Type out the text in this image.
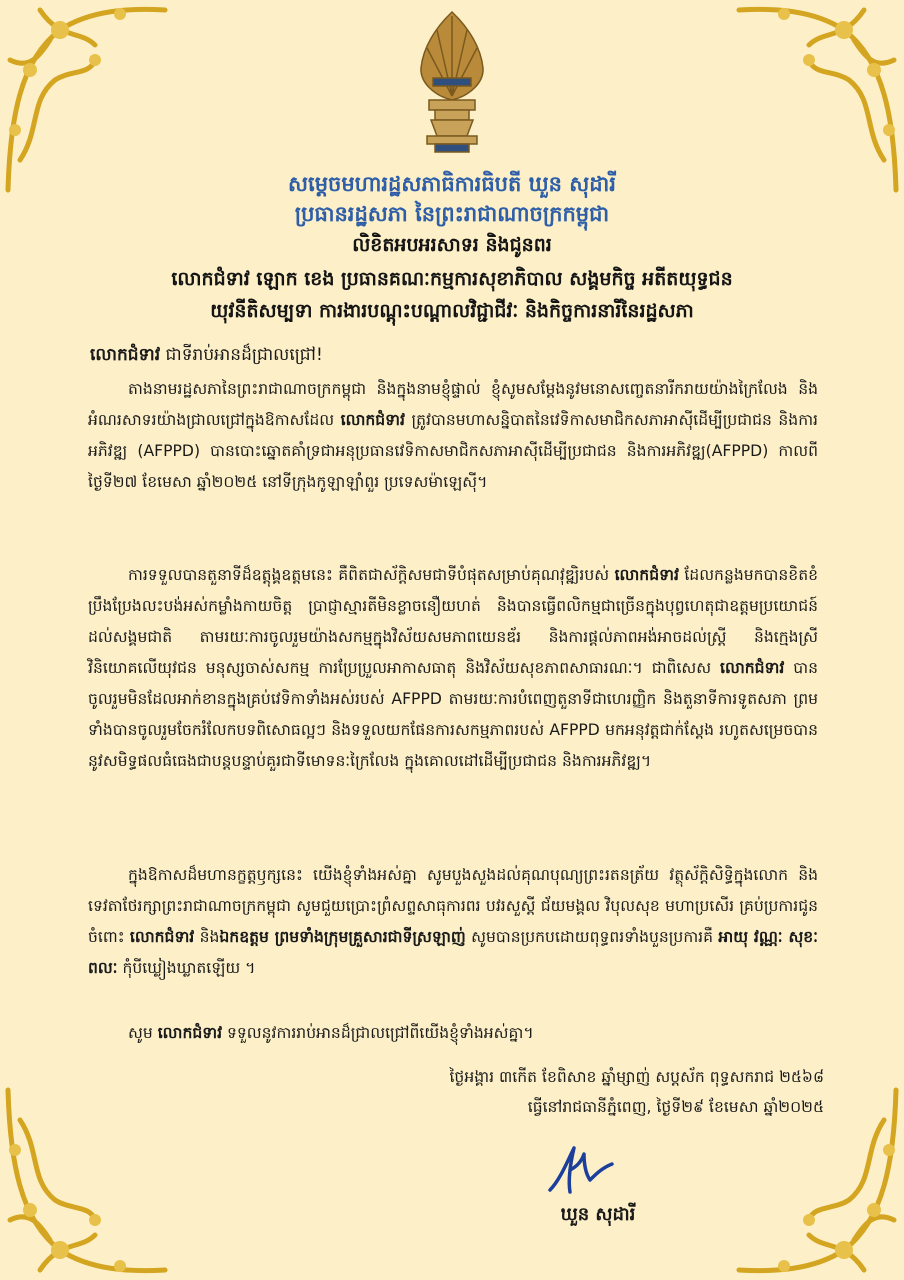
សម្តេចមហារដ្ឋសភាធិការធិបតី ឃួន សុដារី
ប្រធានរដ្ឋសភា នៃព្រះរាជាណាចក្រកម្ពុជា
លិខិតអបអរសាទរ និងជូនពរ
លោកជំទាវ ឡោក ខេង ប្រធានគណៈកម្មការសុខាភិបាល សង្គមកិច្ច អតីតយុទ្ធជន
យុវនីតិសម្បទា ការងារបណ្តុះបណ្តាលវិជ្ជាជីវៈ និងកិច្ចការនារីនៃរដ្ឋសភា
លោកជំទាវ ជាទីរាប់អានដ៏ជ្រាលជ្រៅ!
តាងនាមរដ្ឋសភានៃព្រះរាជាណាចក្រកម្ពុជា និងក្នុងនាមខ្ញុំផ្ទាល់ ខ្ញុំសូមសម្តែងនូវមនោសញ្ចេតនារីករាយយ៉ាងក្រៃលែង និងអំណរសាទរយ៉ាងជ្រាលជ្រៅក្នុងឱកាសដែល លោកជំទាវ ត្រូវបានមហាសន្និបាតនៃវេទិកាសមាជិកសភាអាស៊ីដើម្បីប្រជាជន និងការអភិវឌ្ឍ (AFPPD) បានបោះឆ្នោតគាំទ្រជាអនុប្រធានវេទិកាសមាជិកសភាអាស៊ីដើម្បីប្រជាជន និងការអភិវឌ្ឍ(AFPPD) កាលពីថ្ងៃទី២៧ ខែមេសា ឆ្នាំ២០២៥ នៅទីក្រុងកូឡាឡាំពួរ ប្រទេសម៉ាឡេស៊ី។
ការទទួលបានតួនាទីដ៏ឧត្តុង្គឧត្តមនេះ គឺពិតជាស័ក្តិសមជាទីបំផុតសម្រាប់គុណវុឌ្ឍិរបស់ លោកជំទាវ ដែលកន្លងមកបានខិតខំប្រឹងប្រែងលះបង់អស់កម្លាំងកាយចិត្ត ប្រាជ្ញាស្មារតីមិនខ្លាចនឿយហត់ និងបានធ្វើពលិកម្មជាច្រើនក្នុងបុព្វហេតុជាឧត្តមប្រយោជន៍ដល់សង្គមជាតិ តាមរយៈការចូលរួមយ៉ាងសកម្មក្នុងវិស័យសមភាពយេនឌ័រ និងការផ្តល់ភាពអង់អាចដល់ស្ត្រី និងក្មេងស្រី វិនិយោគលើយុវជន មនុស្សចាស់សកម្ម ការប្រែប្រួលអាកាសធាតុ និងវិស័យសុខភាពសាធារណៈ។ ជាពិសេស លោកជំទាវ បានចូលរួមមិនដែលអាក់ខានក្នុងគ្រប់វេទិកាទាំងអស់របស់ AFPPD តាមរយៈការបំពេញតួនាទីជាហេរញ្ញិក និងតួនាទីការទូតសភា ព្រមទាំងបានចូលរួមចែករំលែកបទពិសោធល្អៗ និងទទួលយកផែនការសកម្មភាពរបស់ AFPPD មកអនុវត្តជាក់ស្តែង រហូតសម្រេចបាននូវសមិទ្ធផលធំធេងជាបន្តបន្ទាប់គួរជាទីមោទនៈក្រៃលែង ក្នុងគោលដៅដើម្បីប្រជាជន និងការអភិវឌ្ឍ។
ក្នុងឱកាសដ៏មហានក្ខត្តឫក្សនេះ យើងខ្ញុំទាំងអស់គ្នា សូមបួងសួងដល់គុណបុណ្យព្រះរតនត្រ័យ វត្ថុស័ក្តិសិទ្ធិក្នុងលោក និងទេវតាថែរក្សាព្រះរាជាណាចក្រកម្ពុជា សូមជួយប្រោះព្រំសព្ទសាធុការពរ បវរសួស្តី ជ័យមង្គល វិបុលសុខ មហាប្រសើរ គ្រប់ប្រការជូនចំពោះ លោកជំទាវ និងឯកឧត្តម ព្រមទាំងក្រុមគ្រួសារជាទីស្រឡាញ់ សូមបានប្រកបដោយពុទ្ធពរទាំងបួនប្រការគឺ អាយុ វណ្ណៈ សុខៈ ពលៈ កុំបីឃ្លៀងឃ្លាតឡើយ ។
សូម លោកជំទាវ ទទួលនូវការរាប់អានដ៏ជ្រាលជ្រៅពីយើងខ្ញុំទាំងអស់គ្នា។
ថ្ងៃអង្គារ ៣កើត ខែពិសាខ ឆ្នាំម្សាញ់ សប្តស័ក ពុទ្ធសករាជ ២៥៦៨
ធ្វើនៅរាជធានីភ្នំពេញ, ថ្ងៃទី២៩ ខែមេសា ឆ្នាំ២០២៥
ឃួន សុដារី
